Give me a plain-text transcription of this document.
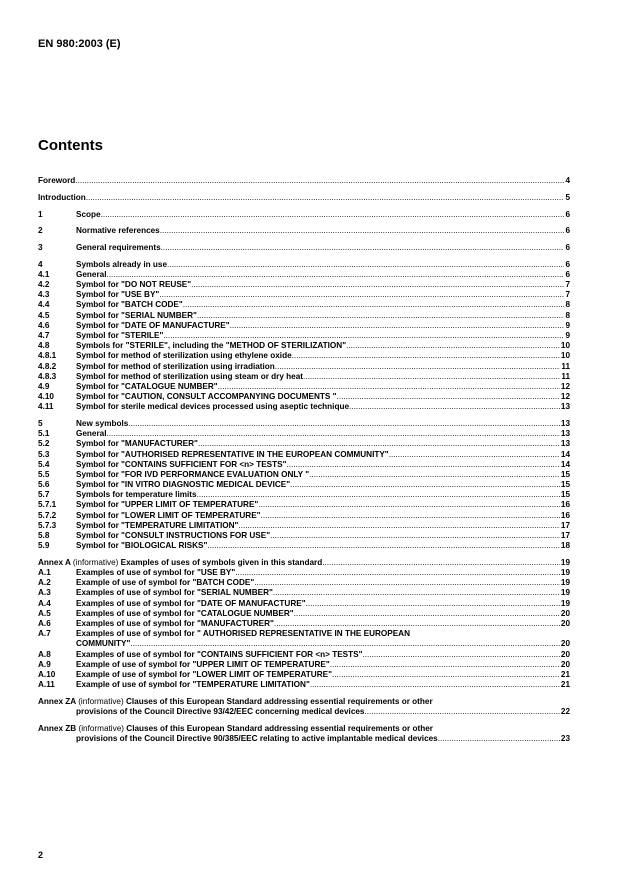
EN 980:2003 (E)
Contents
Foreword .....	4
Introduction .....	5
1	Scope .....	6
2	Normative references .....	6
3	General requirements .....	6
4	Symbols already in use .....	6
4.1	General .....	6
4.2	Symbol for "DO NOT REUSE" .....	7
4.3	Symbol for "USE BY" .....	7
4.4	Symbol for "BATCH CODE" .....	8
4.5	Symbol for "SERIAL NUMBER" .....	8
4.6	Symbol for "DATE OF MANUFACTURE" .....	9
4.7	Symbol for "STERILE" .....	9
4.8	Symbols for "STERILE", including the "METHOD OF STERILIZATION" .....	10
4.8.1	Symbol for method of sterilization using ethylene oxide .....	10
4.8.2	Symbol for method of sterilization using irradiation .....	11
4.8.3	Symbol for method of sterilization using steam or dry heat .....	11
4.9	Symbol for "CATALOGUE NUMBER" .....	12
4.10	Symbol for "CAUTION, CONSULT ACCOMPANYING DOCUMENTS " .....	12
4.11	Symbol for sterile medical devices processed using aseptic technique .....	13
5	New symbols .....	13
5.1	General .....	13
5.2	Symbol for "MANUFACTURER" .....	13
5.3	Symbol for "AUTHORISED REPRESENTATIVE IN THE EUROPEAN COMMUNITY" .....	14
5.4	Symbol for "CONTAINS SUFFICIENT FOR <n> TESTS" .....	14
5.5	Symbol for "FOR IVD PERFORMANCE EVALUATION ONLY " .....	15
5.6	Symbol for "IN VITRO DIAGNOSTIC MEDICAL DEVICE" .....	15
5.7	Symbols for temperature limits .....	15
5.7.1	Symbol for "UPPER LIMIT OF TEMPERATURE" .....	16
5.7.2	Symbol for "LOWER LIMIT OF TEMPERATURE" .....	16
5.7.3	Symbol for "TEMPERATURE LIMITATION" .....	17
5.8	Symbol for "CONSULT INSTRUCTIONS FOR USE" .....	17
5.9	Symbol for "BIOLOGICAL RISKS" .....	18
Annex A (informative) Examples of uses of symbols given in this standard .....	19
A.1	Examples of use of symbol for "USE BY" .....	19
A.2	Example of use of symbol for "BATCH CODE" .....	19
A.3	Examples of use of symbol for "SERIAL NUMBER" .....	19
A.4	Examples of use of symbol for "DATE OF MANUFACTURE" .....	19
A.5	Examples of use of symbol for "CATALOGUE NUMBER" .....	20
A.6	Examples of use of symbol for "MANUFACTURER" .....	20
A.7	Examples of use of symbol for " AUTHORISED REPRESENTATIVE IN THE EUROPEAN
COMMUNITY" .....	20
A.8	Examples of use of symbol for "CONTAINS SUFFICIENT FOR <n> TESTS" .....	20
A.9	Example of use of symbol for "UPPER LIMIT OF TEMPERATURE" .....	20
A.10	Example of use of symbol for "LOWER LIMIT OF TEMPERATURE" .....	21
A.11	Example of use of symbol for "TEMPERATURE LIMITATION" .....	21
Annex ZA (informative) Clauses of this European Standard addressing essential requirements or other
provisions of the Council Directive 93/42/EEC concerning medical devices .....	22
Annex ZB (informative) Clauses of this European Standard addressing essential requirements or other
provisions of the Council Directive 90/385/EEC relating to active implantable medical devices .....	23
2
